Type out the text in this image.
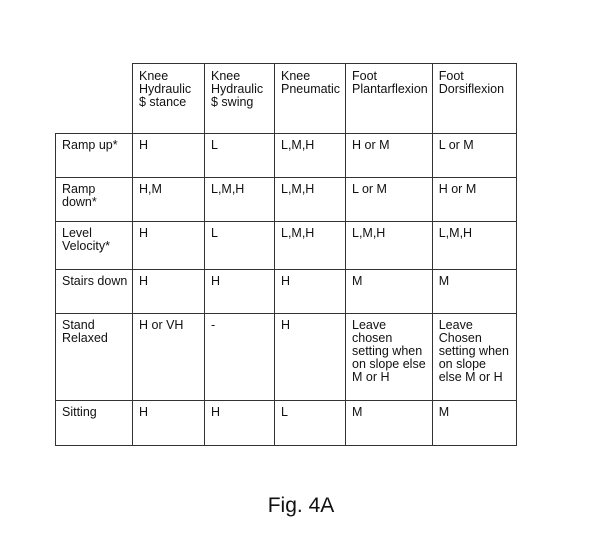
	Knee Hydraulic $ stance	Knee Hydraulic $ swing	Knee Pneumatic	Foot Plantarflexion	Foot Dorsiflexion
Ramp up*	H	L	L,M,H	H or M	L or M
Ramp down*	H,M	L,M,H	L,M,H	L or M	H or M
Level Velocity*	H	L	L,M,H	L,M,H	L,M,H
Stairs down	H	H	H	M	M
Stand Relaxed	H or VH	-	H	Leave chosen setting when on slope else M or H	Leave Chosen setting when on slope else M or H
Sitting	H	H	L	M	M
Fig. 4A
